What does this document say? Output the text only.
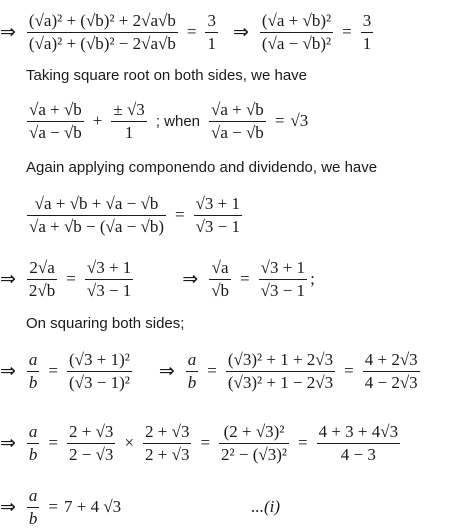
⇒ $\frac{\text{(√a)² + (√b)² + 2√a√b}}{\text{(√a)² + (√b)² − 2√a√b}} = \frac{3}{1}$ ⇒ $\frac{\text{(√a + √b)²}}{\text{(√a − √b)²}} = \frac{3}{1}$
Taking square root on both sides, we have
$\frac{√a + √b}{√a - √b} + \frac{\pm √3}{1}$ ; when $\frac{√a + √b}{√a - √b} = √3$
Again applying componendo and dividendo, we have
$\frac{√a + √b + √a - √b}{√a + √b - (√a - √b)} = \frac{√3 + 1}{√3 - 1}$
⇒ $\frac{2√a}{2√b} = \frac{√3 + 1}{√3 - 1}$	⇒ $\frac{√a}{√b} = \frac{√3 + 1}{√3 - 1}$ ;
On squaring both sides;
⇒ $\frac{a}{b} = \frac{\text{(√3 + 1)²}}{\text{(√3 − 1)²}}$ ⇒ $\frac{a}{b} = \frac{\text{(√3)² + 1 + 2√3}}{\text{(√3)² + 1 − 2√3}} = \frac{4 + 2√3}{4 - 2√3}$
⇒ $\frac{a}{b} = \frac{2 + √3}{2 - √3} \times \frac{2 + √3}{2 + √3} = \frac{\text{(2 + √3)²}}{\text{2² − (√3)²}} = \frac{4 + 3 + 4√3}{4 - 3}$
⇒ $\frac{a}{b} = 7 + 4$ √3	...(i)
